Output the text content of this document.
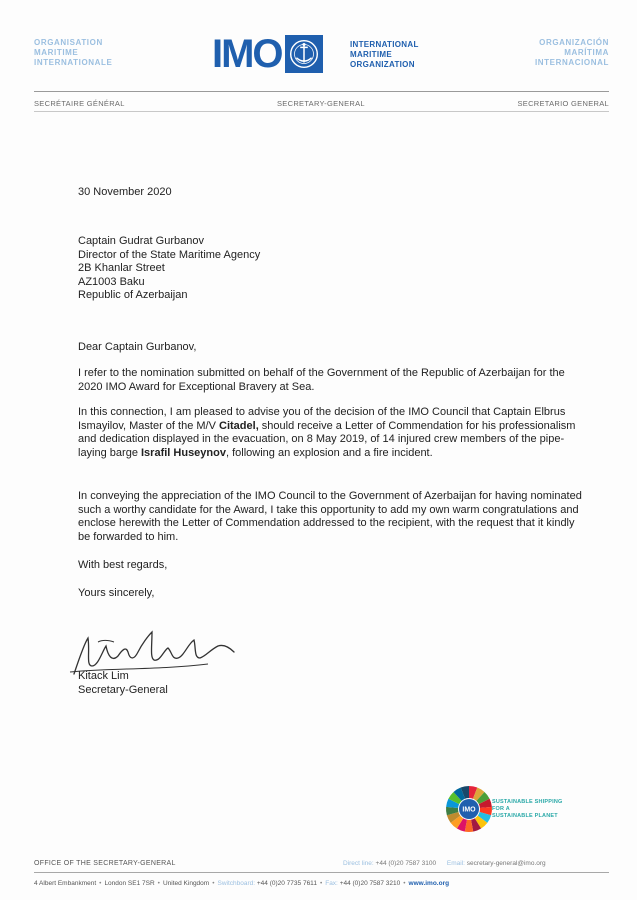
ORGANISATION
MARITIME
INTERNATIONALE IMO	INTERNATIONAL
MARITIME
ORGANIZATION
ORGANIZACIÓN
MARÍTIMA
INTERNACIONAL
SECRÉTAIRE GÉNÉRAL	SECRETARY-GENERAL	SECRETARIO GENERAL
30 November 2020
Captain Gudrat Gurbanov
Director of the State Maritime Agency
2B Khanlar Street
AZ1003 Baku
Republic of Azerbaijan
Dear Captain Gurbanov,
I refer to the nomination submitted on behalf of the Government of the Republic of Azerbaijan for the 2020 IMO Award for Exceptional Bravery at Sea.
In this connection, I am pleased to advise you of the decision of the IMO Council that Captain Elbrus Ismayilov, Master of the M/V Citadel, should receive a Letter of Commendation for his professionalism and dedication displayed in the evacuation, on 8 May 2019, of 14 injured crew members of the pipe-laying barge Israfil Huseynov, following an explosion and a fire incident.
In conveying the appreciation of the IMO Council to the Government of Azerbaijan for having nominated such a worthy candidate for the Award, I take this opportunity to add my own warm congratulations and enclose herewith the Letter of Commendation addressed to the recipient, with the request that it kindly be forwarded to him.
With best regards,
Yours sincerely,
Kitack Lim
Secretary-General
IMO
SUSTAINABLE SHIPPING
FOR A
SUSTAINABLE PLANET
OFFICE OF THE SECRETARY-GENERAL	Direct line: +44 (0)20 7587 3100 Email: secretary-general@imo.org
4 Albert Embankment • London SE1 7SR • United Kingdom • Switchboard: +44 (0)20 7735 7611 • Fax: +44 (0)20 7587 3210 • www.imo.org
